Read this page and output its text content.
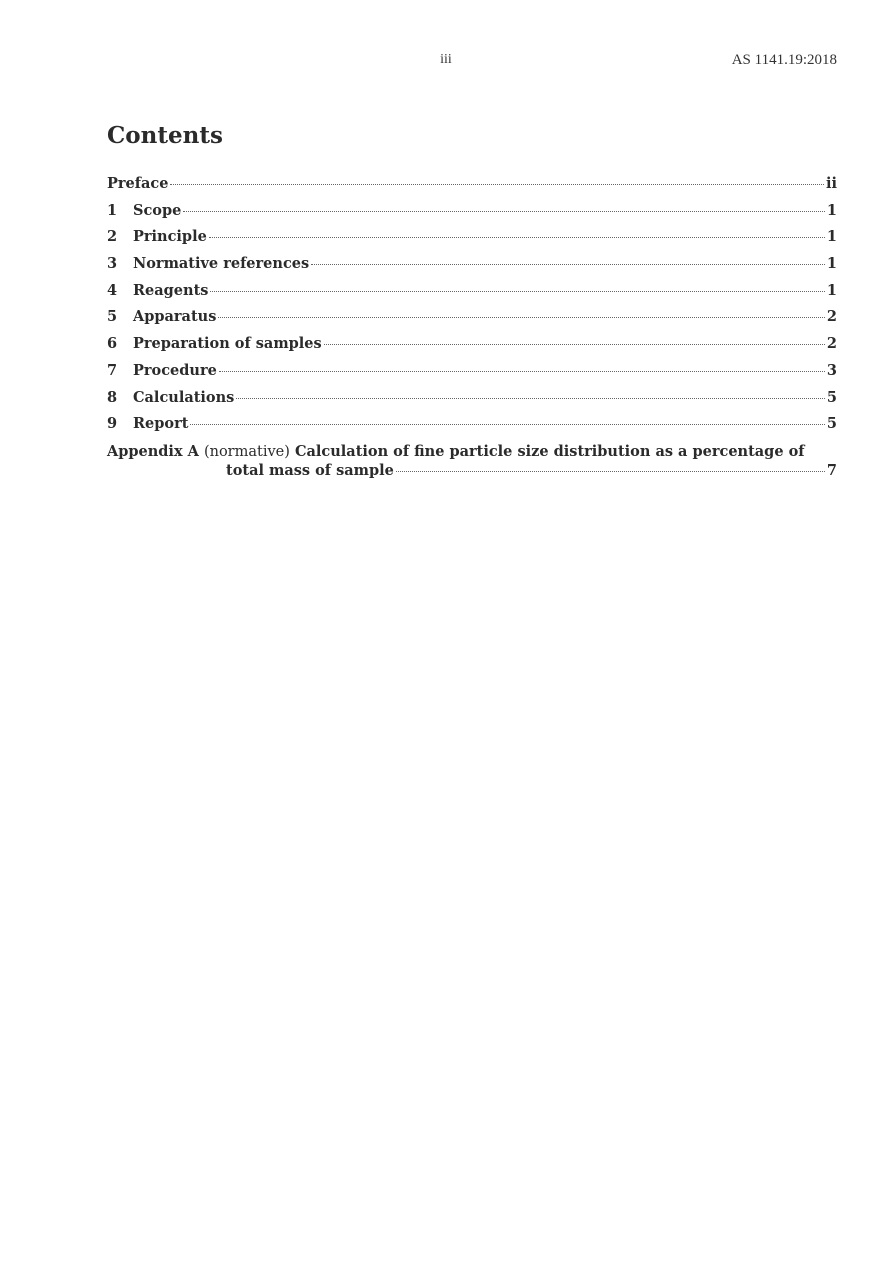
iii	AS 1141.19:2018
Contents
Preface	ii
1	Scope	1
2	Principle	1
3	Normative references	1
4	Reagents	1
5	Apparatus	2
6	Preparation of samples	2
7	Procedure	3
8	Calculations	5
9	Report	5
Appendix A (normative) Calculation of fine particle size distribution as a percentage of
total mass of sample	7
